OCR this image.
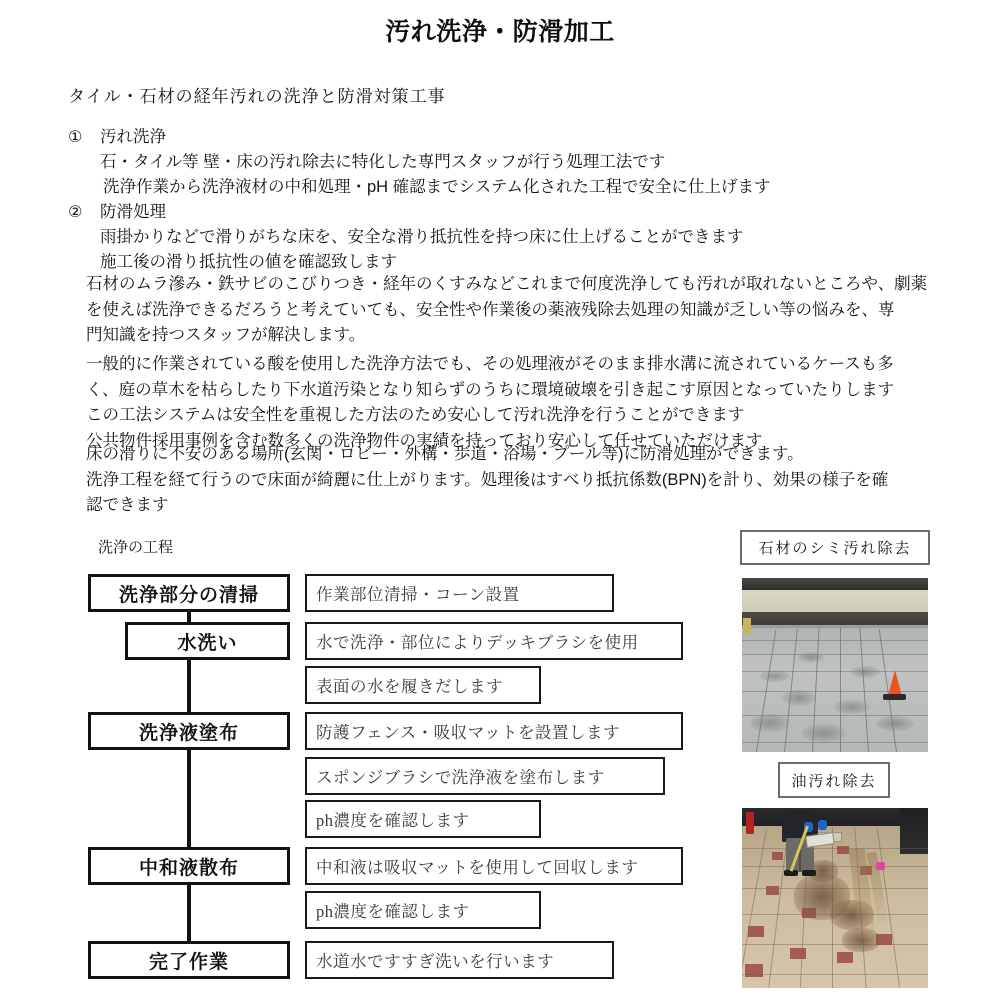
汚れ洗浄・防滑加工
タイル・石材の経年汚れの洗浄と防滑対策工事
① 汚れ洗浄
石・タイル等 壁・床の汚れ除去に特化した専門スタッフが行う処理工法です
洗浄作業から洗浄液材の中和処理・pH 確認までシステム化された工程で安全に仕上げます
② 防滑処理
雨掛かりなどで滑りがちな床を、安全な滑り抵抗性を持つ床に仕上げることができます
施工後の滑り抵抗性の値を確認致します
石材のムラ滲み・鉄サビのこびりつき・経年のくすみなどこれまで何度洗浄しても汚れが取れないところや、劇薬
を使えば洗浄できるだろうと考えていても、安全性や作業後の薬液残除去処理の知識が乏しい等の悩みを、専
門知識を持つスタッフが解決します。
一般的に作業されている酸を使用した洗浄方法でも、その処理液がそのまま排水溝に流されているケースも多
く、庭の草木を枯らしたり下水道汚染となり知らずのうちに環境破壊を引き起こす原因となっていたりします
この工法システムは安全性を重視した方法のため安心して汚れ洗浄を行うことができます
公共物件採用事例を含む数多くの洗浄物件の実績を持っており安心して任せていただけます
床の滑りに不安のある場所(玄関・ロビー・外構・歩道・浴場・プール等)に防滑処理ができます。
洗浄工程を経て行うので床面が綺麗に仕上がります。処理後はすべり抵抗係数(BPN)を計り、効果の様子を確
認できます
洗浄の工程
洗浄部分の清掃
水洗い
洗浄液塗布
中和液散布
完了作業
作業部位清掃・コーン設置
水で洗浄・部位によりデッキブラシを使用
表面の水を履きだします
防護フェンス・吸収マットを設置します
スポンジブラシで洗浄液を塗布します
ph濃度を確認します
中和液は吸収マットを使用して回収します
ph濃度を確認します
水道水ですすぎ洗いを行います
石材のシミ汚れ除去
油汚れ除去
